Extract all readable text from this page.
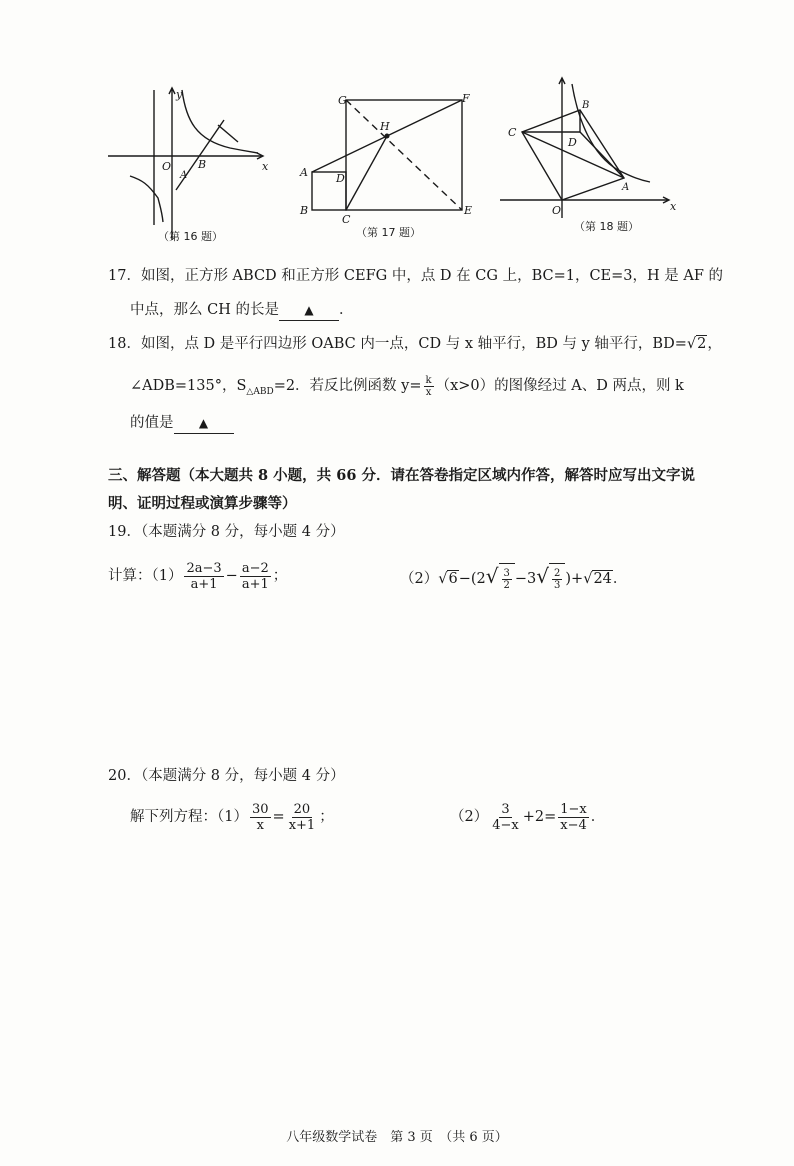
y
x
O B
A
（第 16 题）
G	F
H
A	D
B
C
E
（第 17 题）
C
B
D
A
O	x
（第 18 题）
17．如图，正方形 ABCD 和正方形 CEFG 中，点 D 在 CG 上，BC=1，CE=3，H 是 AF 的
中点，那么 CH 的长是 ▲ ．
18．如图，点 D 是平行四边形 OABC 内一点，CD 与 x 轴平行，BD 与 y 轴平行，BD=√2，
∠ADB=135°，$S_{\triangle ABD}=2$．若反比例函数 $y= \frac{k}{x} (x>0)$的图像经过 A、D 两点，则 k
的值是 ▲
三、解答题（本大题共 8 小题，共 66 分．请在答卷指定区域内作答，解答时应写出文字说
明、证明过程或演算步骤等）
19．（本题满分 8 分，每小题 4 分）
计算：$(1) \frac{2a-3}{a+1} - \frac{a-2}{a+1}$ ；	$(2)√6-(2√ \frac{3}{2} -3√ \frac{2}{3} )+√24$．
20．（本题满分 8 分，每小题 4 分）
解下列方程：$(1) \frac{30}{x} = \frac{20}{x+1}$ ；	$(2) \frac{3}{4-x} +2= \frac{1-x}{x-4}$ ．
八年级数学试卷　第 3 页　（共 6 页）
